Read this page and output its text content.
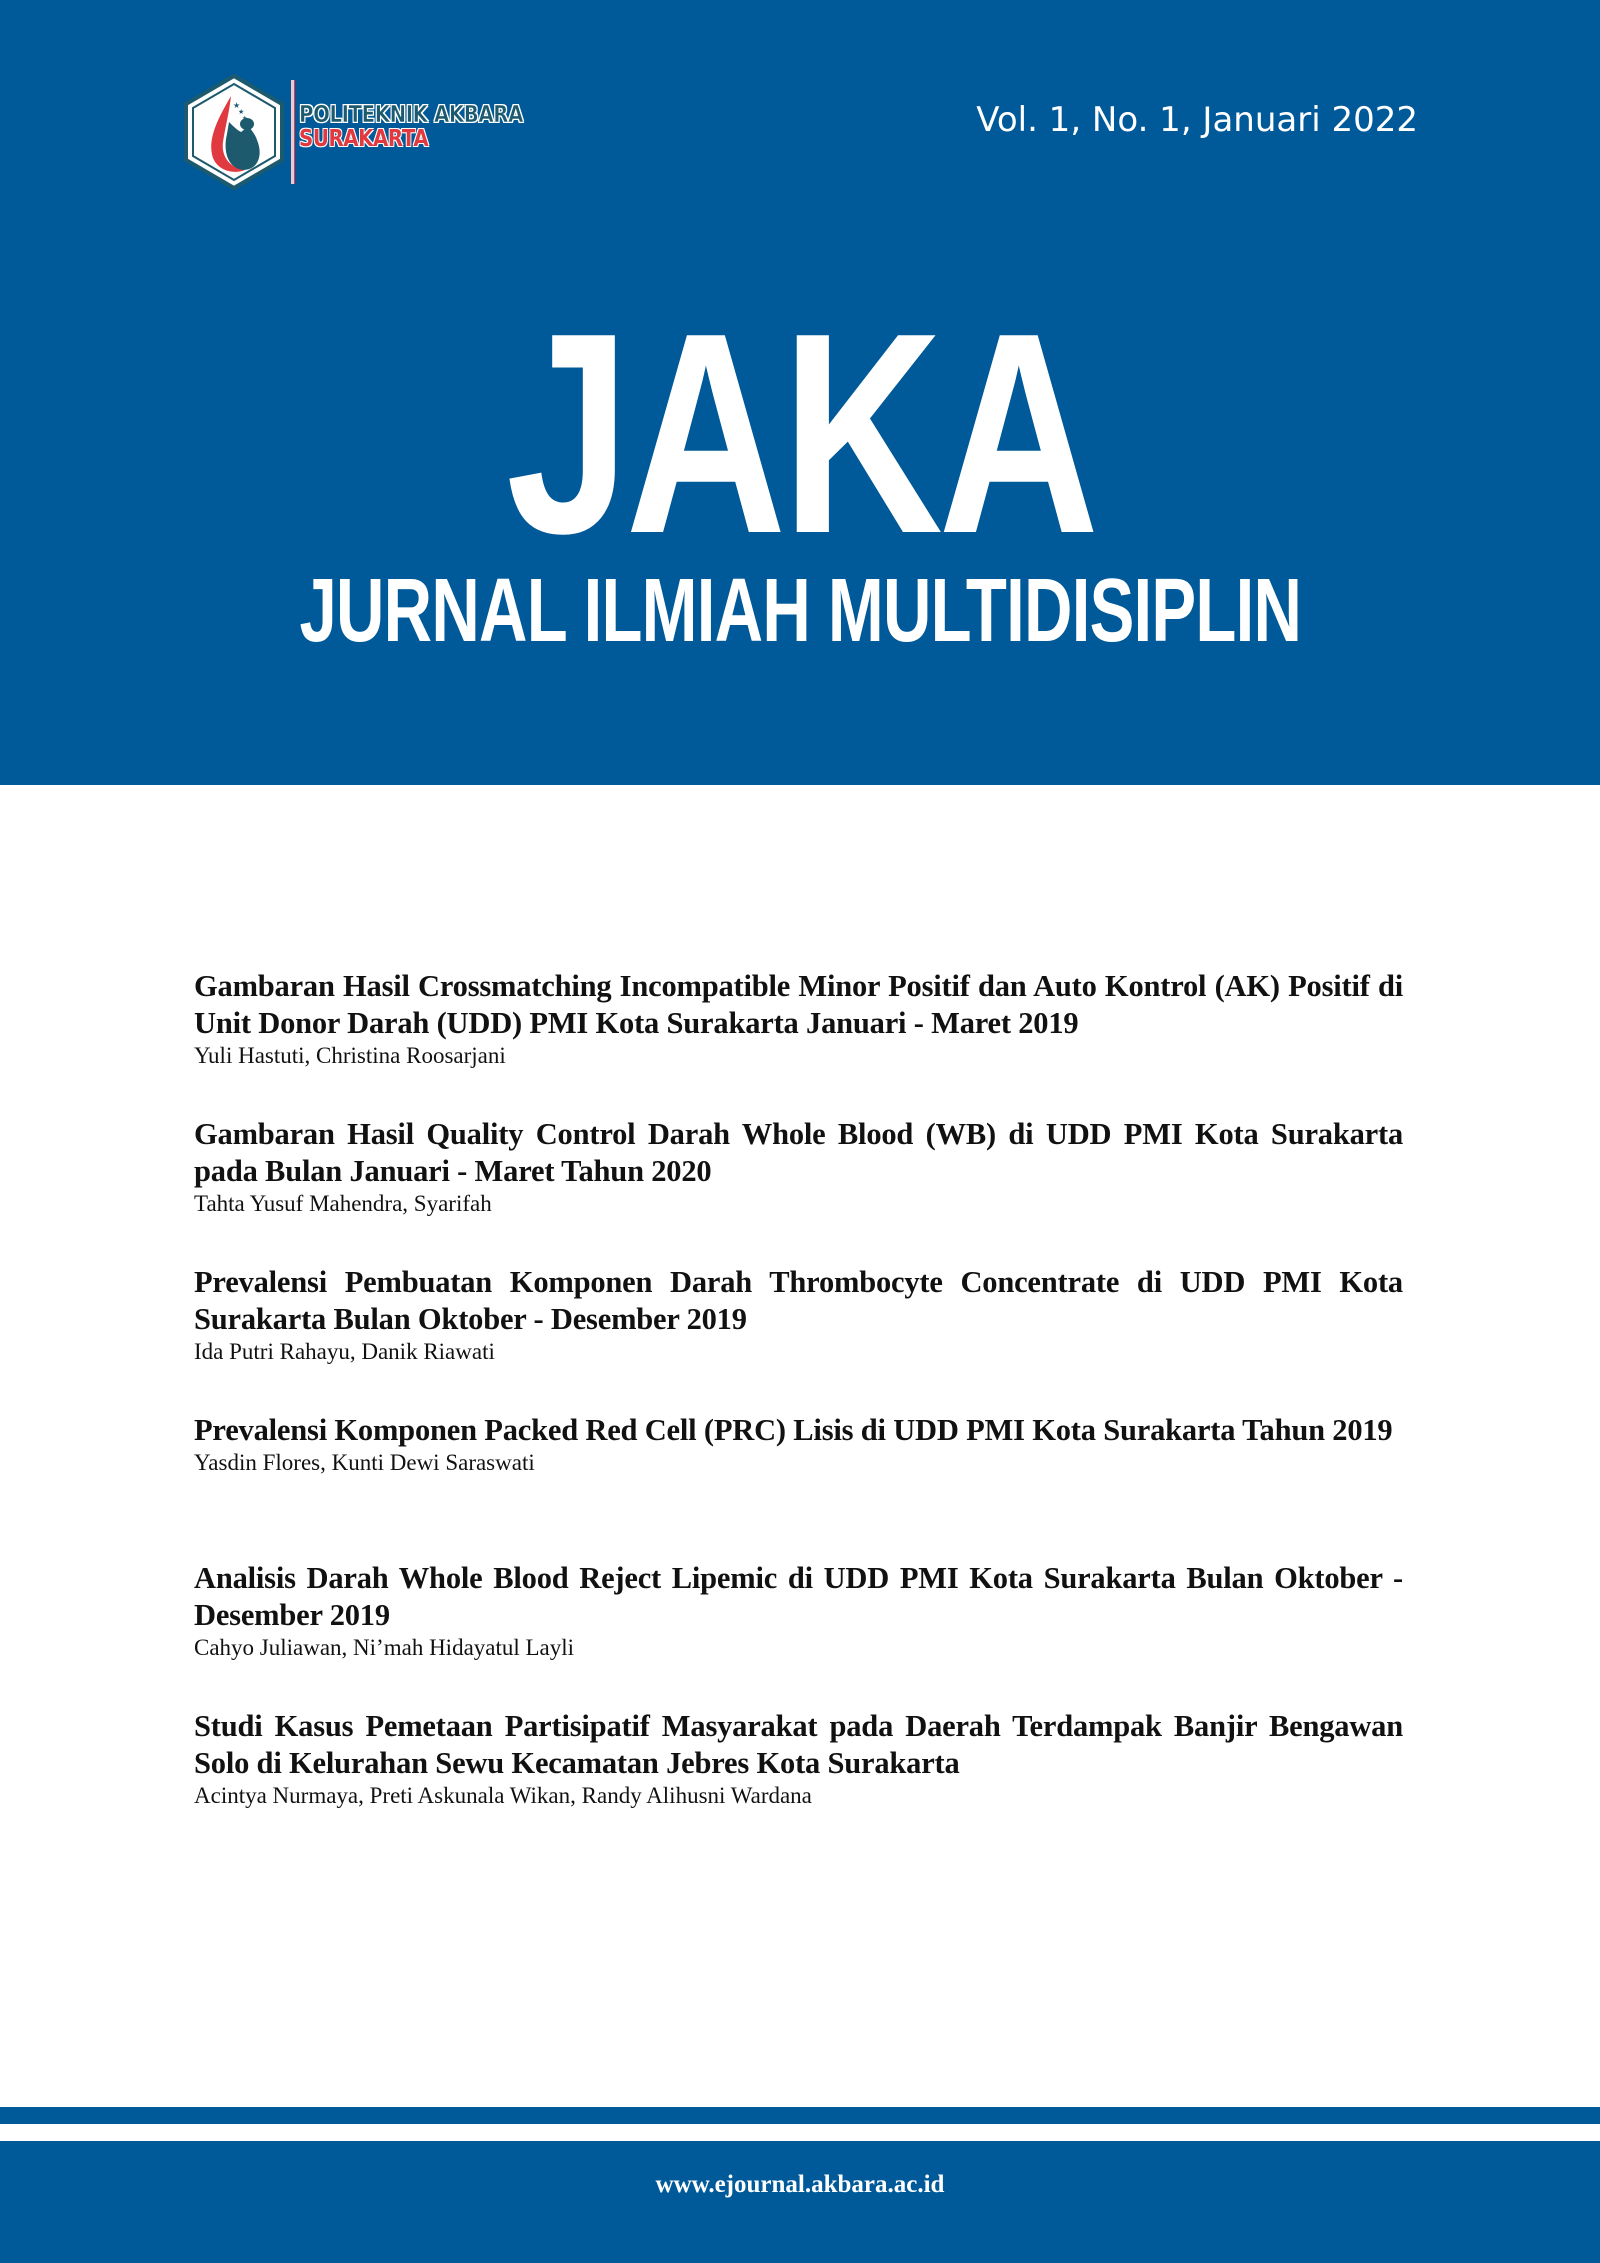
★
★
★ POLITEKNIK AKBARA
SURAKARTA	Vol. 1, No. 1, Januari 2022
JAKA
JURNAL ILMIAH MULTIDISIPLIN
Gambaran Hasil Crossmatching Incompatible Minor Positif dan Auto Kontrol (AK) Positif di Unit Donor Darah (UDD) PMI Kota Surakarta Januari - Maret 2019
Yuli Hastuti, Christina Roosarjani
Gambaran Hasil Quality Control Darah Whole Blood (WB) di UDD PMI Kota Surakarta pada Bulan Januari - Maret Tahun 2020
Tahta Yusuf Mahendra, Syarifah
Prevalensi Pembuatan Komponen Darah Thrombocyte Concentrate di UDD PMI Kota Surakarta Bulan Oktober - Desember 2019
Ida Putri Rahayu, Danik Riawati
Prevalensi Komponen Packed Red Cell (PRC) Lisis di UDD PMI Kota Surakarta Tahun 2019
Yasdin Flores, Kunti Dewi Saraswati
Analisis Darah Whole Blood Reject Lipemic di UDD PMI Kota Surakarta Bulan Oktober - Desember 2019
Cahyo Juliawan, Ni’mah Hidayatul Layli
Studi Kasus Pemetaan Partisipatif Masyarakat pada Daerah Terdampak Banjir Bengawan Solo di Kelurahan Sewu Kecamatan Jebres Kota Surakarta
Acintya Nurmaya, Preti Askunala Wikan, Randy Alihusni Wardana
www.ejournal.akbara.ac.id
